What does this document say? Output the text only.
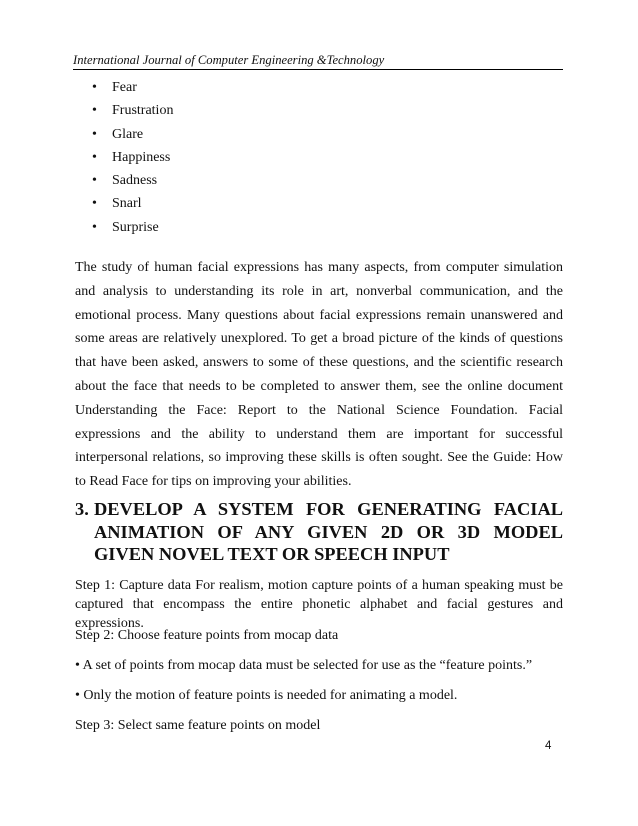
International Journal of Computer Engineering &Technology
• Fear
• Frustration
• Glare
• Happiness
• Sadness
• Snarl
• Surprise

The study of human facial expressions has many aspects, from computer simulation and analysis to understanding its role in art, nonverbal communication, and the emotional process. Many questions about facial expressions remain unanswered and some areas are relatively unexplored. To get a broad picture of the kinds of questions that have been asked, answers to some of these questions, and the scientific research about the face that needs to be completed to answer them, see the online document Understanding the Face: Report to the National Science Foundation. Facial expressions and the ability to understand them are important for successful interpersonal relations, so improving these skills is often sought. See the Guide: How to Read Face for tips on improving your abilities.

3. DEVELOP A SYSTEM FOR GENERATING FACIAL ANIMATION OF ANY GIVEN 2D OR 3D MODEL GIVEN NOVEL TEXT OR SPEECH INPUT

Step 1: Capture data For realism, motion capture points of a human speaking must be captured that encompass the entire phonetic alphabet and facial gestures and expressions.

Step 2: Choose feature points from mocap data

• A set of points from mocap data must be selected for use as the “feature points.”

• Only the motion of feature points is needed for animating a model.

Step 3: Select same feature points on model

4
